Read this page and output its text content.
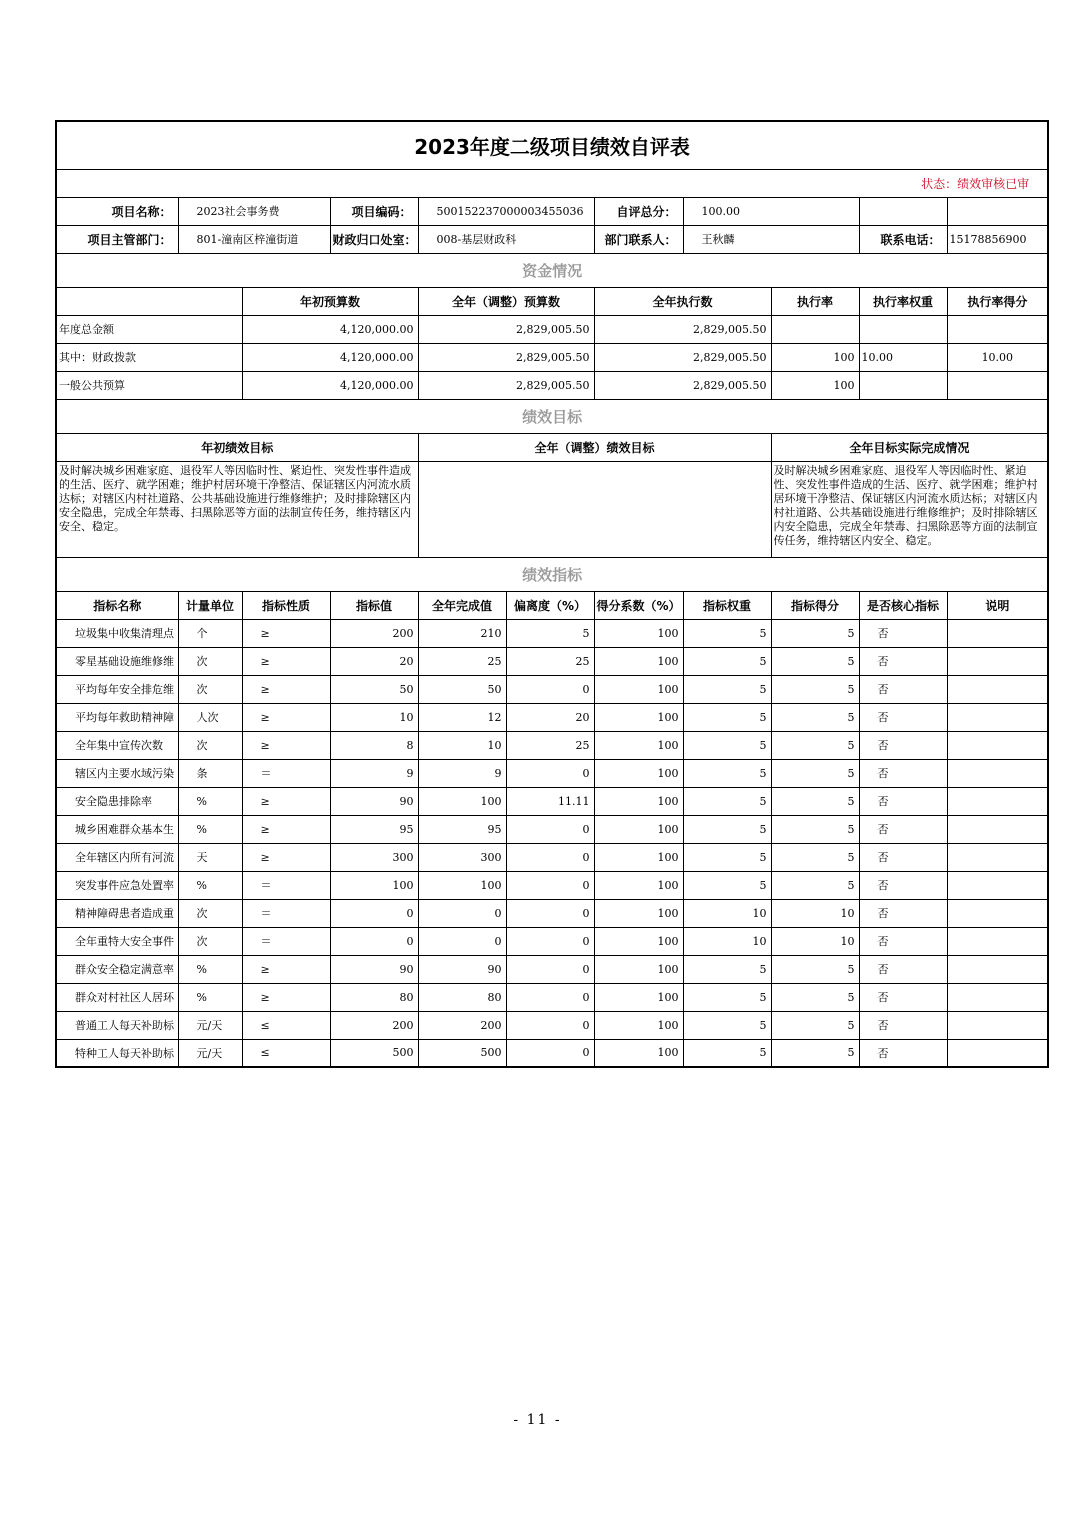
2023年度二级项目绩效自评表										
状态：绩效审核已审										
项目名称：	2023社会事务费		项目编码：	500152237000003455036		自评总分：	100.00			
项目主管部门：	801-潼南区梓潼街道		财政归口处室：	008-基层财政科		部门联系人：	王秋麟		联系电话：	15178856900
资金情况										
		年初预算数		全年（调整）预算数		全年执行数		执行率	执行率权重	执行率得分
年度总金额		4,120,000.00		2,829,005.50		2,829,005.50				
其中：财政拨款		4,120,000.00		2,829,005.50		2,829,005.50		100	10.00	10.00
一般公共预算		4,120,000.00		2,829,005.50		2,829,005.50		100		
绩效目标										
年初绩效目标				全年（调整）绩效目标				全年目标实际完成情况		
及时解决城乡困难家庭、退役军人等因临时性、紧迫性、突发性事件造成的生活、医疗、就学困难；维护村居环境干净整洁、保证辖区内河流水质达标；对辖区内村社道路、公共基础设施进行维修维护；及时排除辖区内安全隐患，完成全年禁毒、扫黑除恶等方面的法制宣传任务，维持辖区内安全、稳定。								及时解决城乡困难家庭、退役军人等因临时性、紧迫性、突发性事件造成的生活、医疗、就学困难；维护村居环境干净整洁、保证辖区内河流水质达标；对辖区内村社道路、公共基础设施进行维修维护；及时排除辖区内安全隐患，完成全年禁毒、扫黑除恶等方面的法制宣传任务，维持辖区内安全、稳定。		
绩效指标										
指标名称	计量单位	指标性质	指标值	全年完成值	偏离度（%）	得分系数（%）	指标权重	指标得分	是否核心指标	说明
垃圾集中收集清理点	个	≥	200	210	5	100	5	5	否	
零星基础设施维修维	次	≥	20	25	25	100	5	5	否	
平均每年安全排危维	次	≥	50	50	0	100	5	5	否	
平均每年救助精神障	人次	≥	10	12	20	100	5	5	否	
全年集中宣传次数	次	≥	8	10	25	100	5	5	否	
辖区内主要水域污染	条	＝	9	9	0	100	5	5	否	
安全隐患排除率	%	≥	90	100	11.11	100	5	5	否	
城乡困难群众基本生	%	≥	95	95	0	100	5	5	否	
全年辖区内所有河流	天	≥	300	300	0	100	5	5	否	
突发事件应急处置率	%	＝	100	100	0	100	5	5	否	
精神障碍患者造成重	次	＝	0	0	0	100	10	10	否	
全年重特大安全事件	次	＝	0	0	0	100	10	10	否	
群众安全稳定满意率	%	≥	90	90	0	100	5	5	否	
群众对村社区人居环	%	≥	80	80	0	100	5	5	否	
普通工人每天补助标	元/天	≤	200	200	0	100	5	5	否	
特种工人每天补助标	元/天	≤	500	500	0	100	5	5	否	
- 11 -
